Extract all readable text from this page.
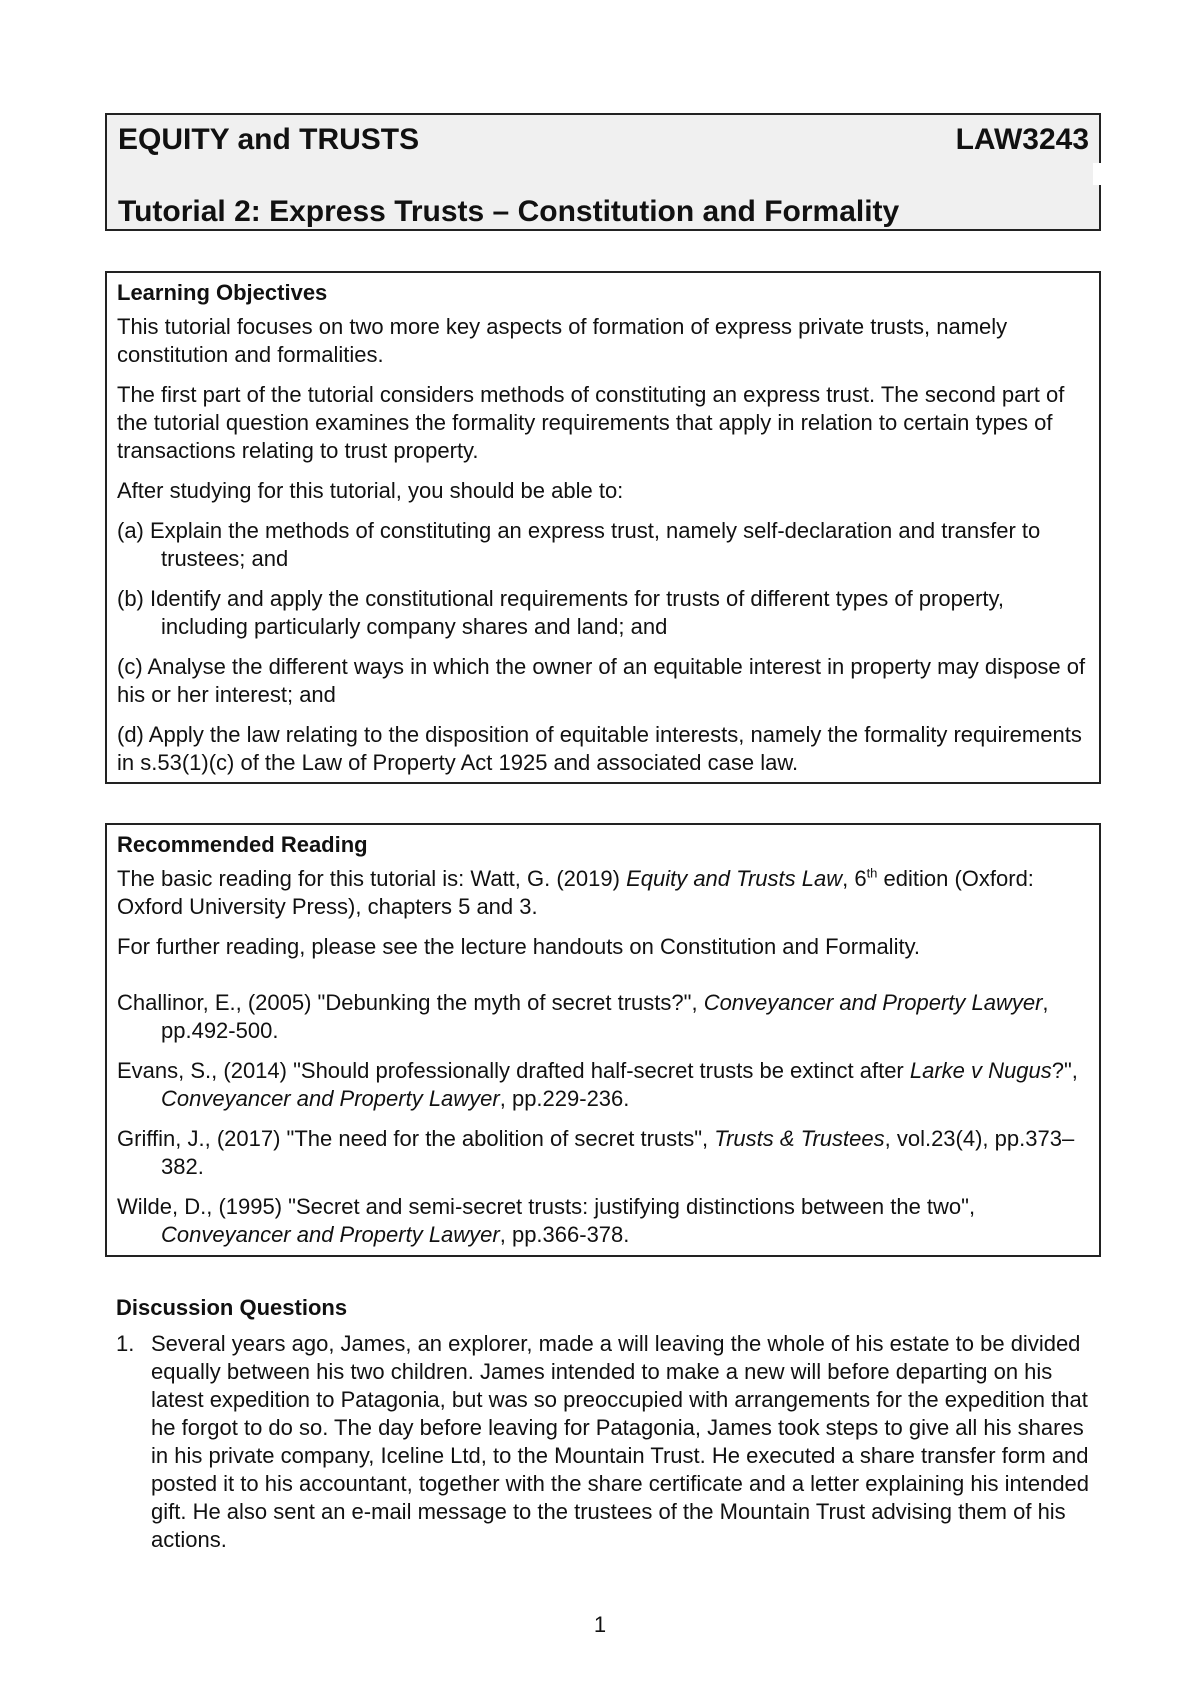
EQUITY and TRUSTS	LAW3243
Tutorial 2: Express Trusts – Constitution and Formality
Learning Objectives
This tutorial focuses on two more key aspects of formation of express private trusts, namely constitution and formalities.
The first part of the tutorial considers methods of constituting an express trust. The second part of the tutorial question examines the formality requirements that apply in relation to certain types of transactions relating to trust property.
After studying for this tutorial, you should be able to:
(a) Explain the methods of constituting an express trust, namely self-declaration and transfer to trustees; and
(b) Identify and apply the constitutional requirements for trusts of different types of property, including particularly company shares and land; and
(c) Analyse the different ways in which the owner of an equitable interest in property may dispose of his or her interest; and
(d) Apply the law relating to the disposition of equitable interests, namely the formality requirements in s.53(1)(c) of the Law of Property Act 1925 and associated case law.
Recommended Reading
The basic reading for this tutorial is: Watt, G. (2019) Equity and Trusts Law, 6th edition (Oxford: Oxford University Press), chapters 5 and 3.
For further reading, please see the lecture handouts on Constitution and Formality.
Challinor, E., (2005) "Debunking the myth of secret trusts?", Conveyancer and Property Lawyer, pp.492-500.
Evans, S., (2014) "Should professionally drafted half-secret trusts be extinct after Larke v Nugus?", Conveyancer and Property Lawyer, pp.229-236.
Griffin, J., (2017) "The need for the abolition of secret trusts", Trusts & Trustees, vol.23(4), pp.373–382.
Wilde, D., (1995) "Secret and semi-secret trusts: justifying distinctions between the two", Conveyancer and Property Lawyer, pp.366-378.
Discussion Questions
1. Several years ago, James, an explorer, made a will leaving the whole of his estate to be divided equally between his two children. James intended to make a new will before departing on his latest expedition to Patagonia, but was so preoccupied with arrangements for the expedition that he forgot to do so. The day before leaving for Patagonia, James took steps to give all his shares in his private company, Iceline Ltd, to the Mountain Trust. He executed a share transfer form and posted it to his accountant, together with the share certificate and a letter explaining his intended gift. He also sent an e-mail message to the trustees of the Mountain Trust advising them of his actions.
1
